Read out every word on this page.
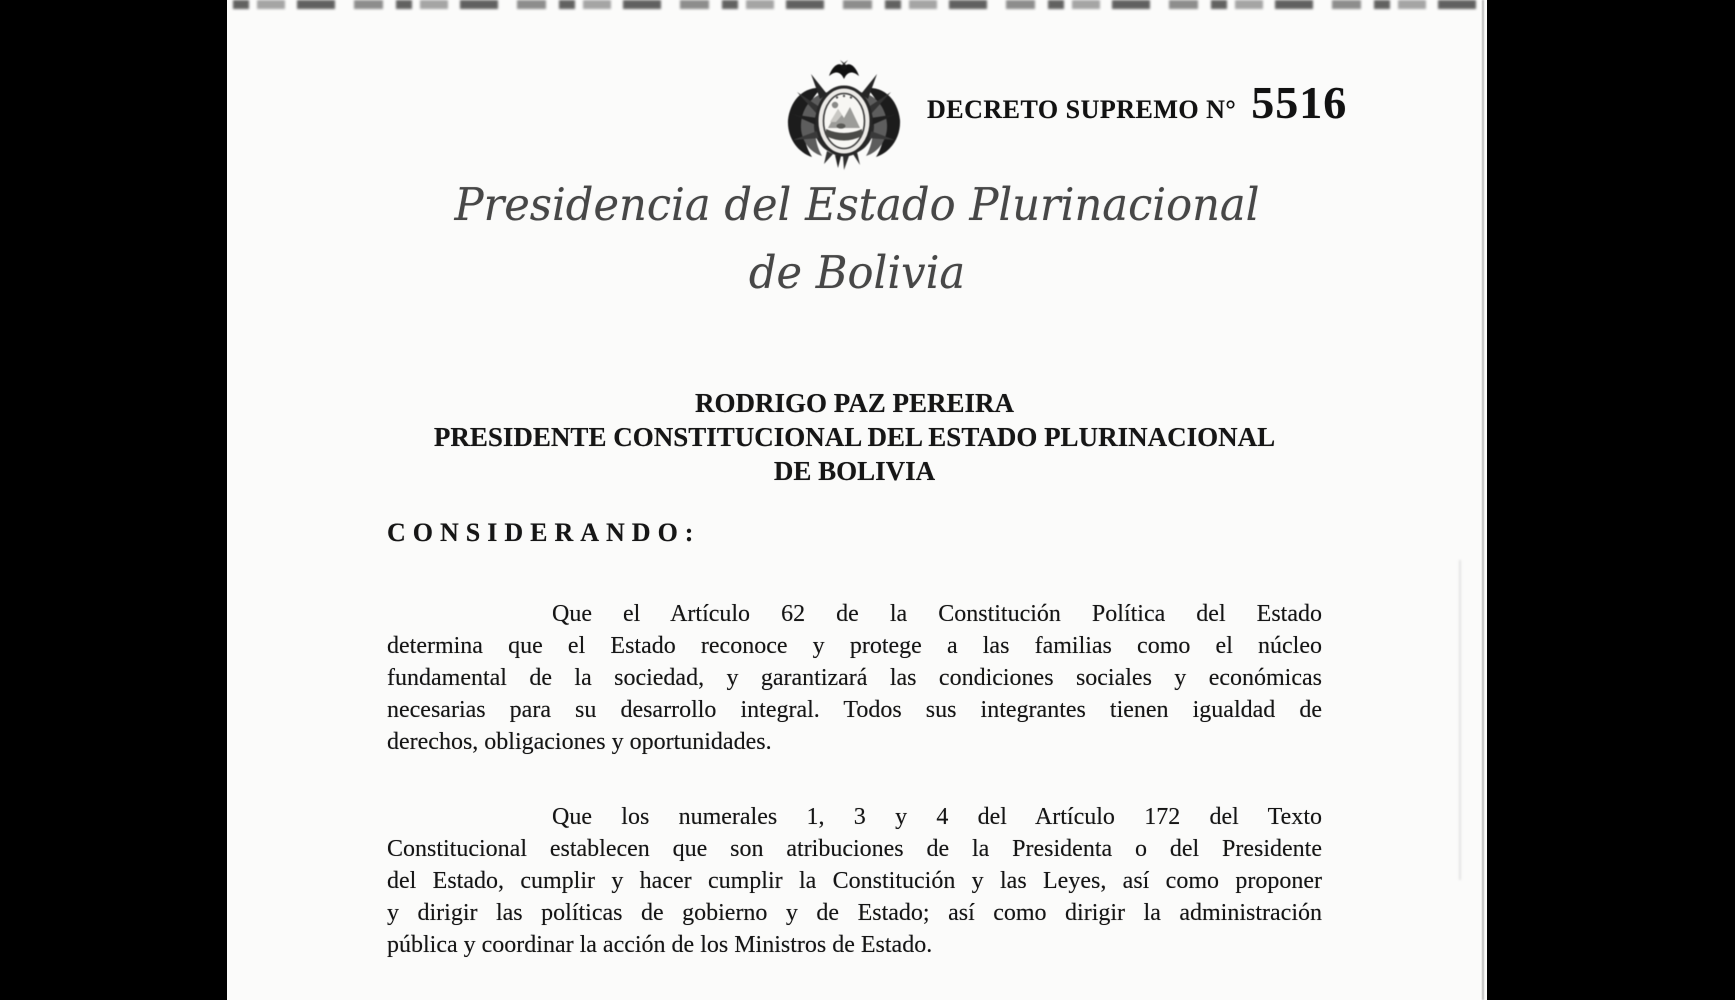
DECRETO SUPREMO N° 5516
Presidencia del Estado Plurinacional
de Bolivia
RODRIGO PAZ PEREIRA
PRESIDENTE CONSTITUCIONAL DEL ESTADO PLURINACIONAL
DE BOLIVIA
CONSIDERANDO:
Que el Artículo 62 de la Constitución Política del Estado
determina que el Estado reconoce y protege a las familias como el núcleo
fundamental de la sociedad, y garantizará las condiciones sociales y económicas
necesarias para su desarrollo integral. Todos sus integrantes tienen igualdad de
derechos, obligaciones y oportunidades.
Que los numerales 1, 3 y 4 del Artículo 172 del Texto
Constitucional establecen que son atribuciones de la Presidenta o del Presidente
del Estado, cumplir y hacer cumplir la Constitución y las Leyes, así como proponer
y dirigir las políticas de gobierno y de Estado; así como dirigir la administración
pública y coordinar la acción de los Ministros de Estado.
